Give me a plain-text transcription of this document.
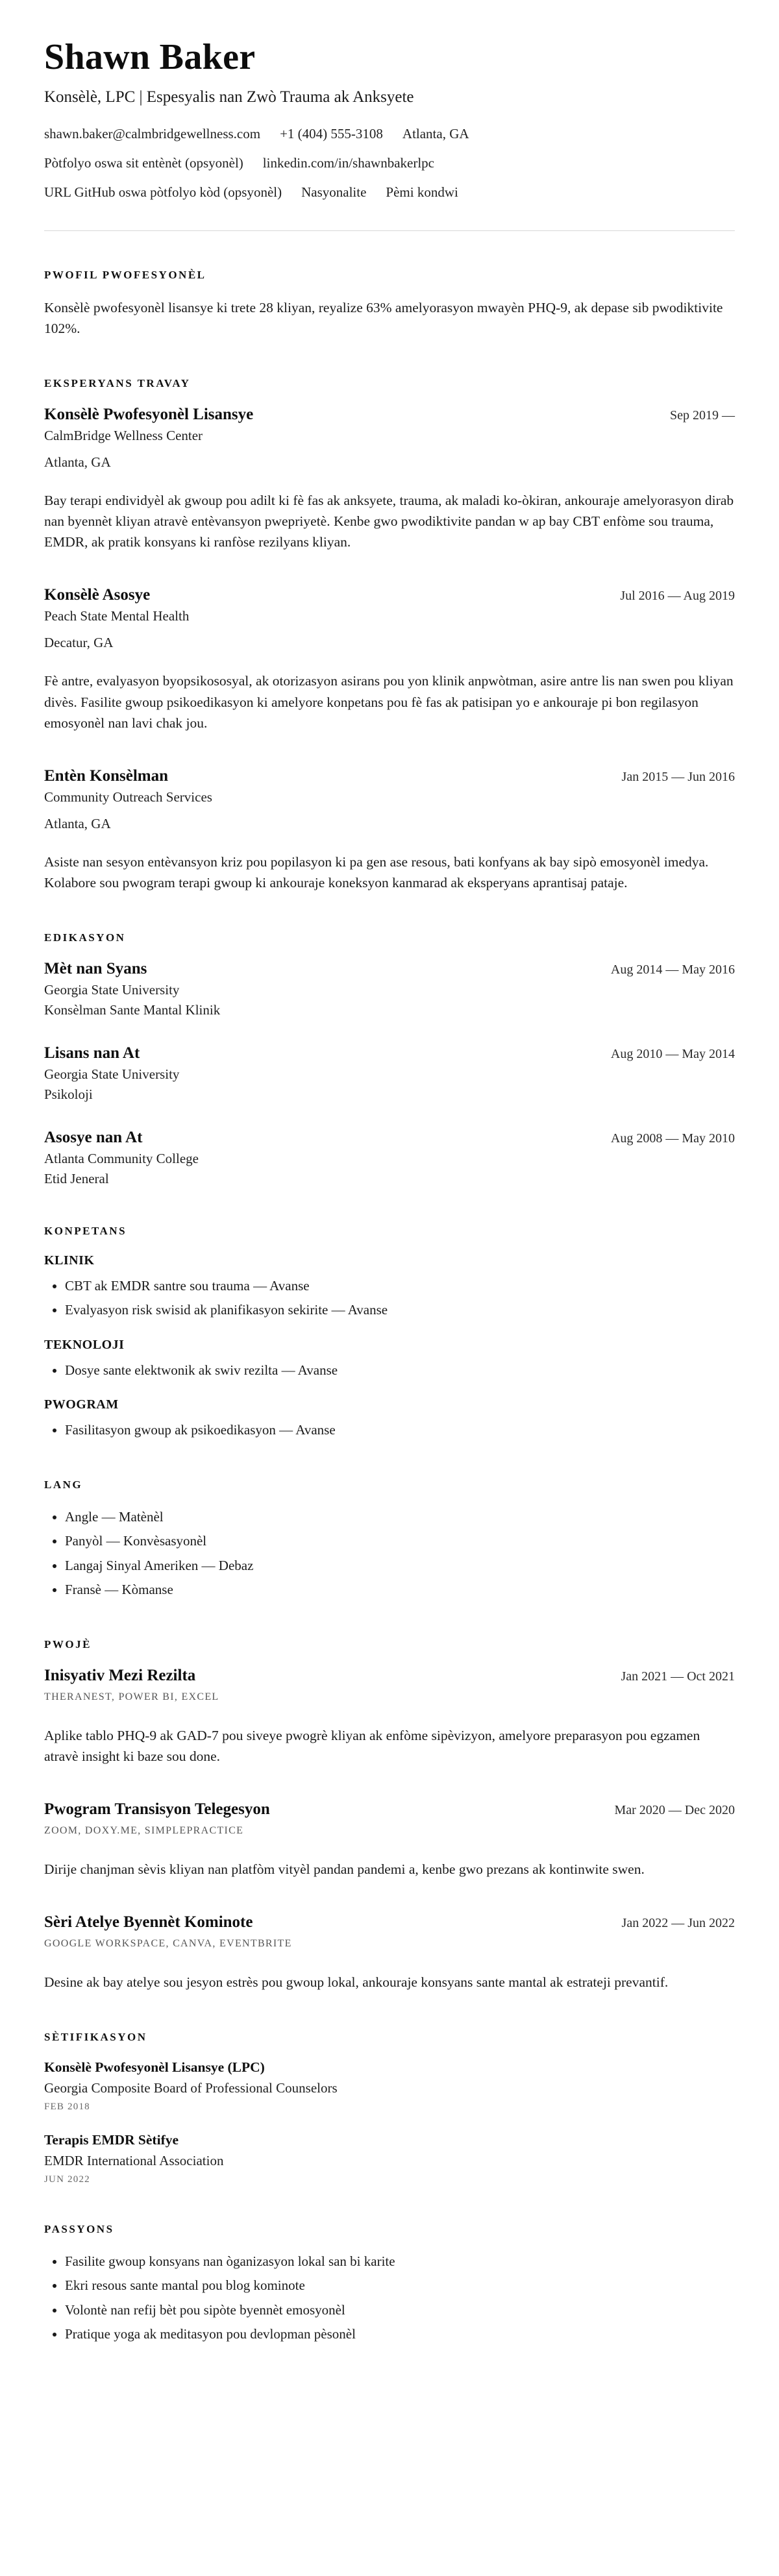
Shawn Baker
Konsèlè, LPC | Espesyalis nan Zwò Trauma ak Anksyete
shawn.baker@calmbridgewellness.com +1 (404) 555-3108 Atlanta, GA
Pòtfolyo oswa sit entènèt (opsyonèl) linkedin.com/in/shawnbakerlpc
URL GitHub oswa pòtfolyo kòd (opsyonèl) Nasyonalite Pèmi kondwi
PWOFIL PWOFESYONÈL

Konsèlè pwofesyonèl lisansye ki trete 28 kliyan, reyalize 63% amelyorasyon mwayèn PHQ-9, ak depase sib pwodiktivite 102%.

EKSPERYANS TRAVAY
Konsèlè Pwofesyonèl Lisansye	Sep 2019 —
CalmBridge Wellness Center
Atlanta, GA

Bay terapi endividyèl ak gwoup pou adilt ki fè fas ak anksyete, trauma, ak maladi ko-òkiran, ankouraje amelyorasyon dirab nan byennèt kliyan atravè entèvansyon pwepriyetè. Kenbe gwo pwodiktivite pandan w ap bay CBT enfòme sou trauma, EMDR, ak pratik konsyans ki ranfòse rezilyans kliyan.

Konsèlè Asosye	Jul 2016 — Aug 2019
Peach State Mental Health
Decatur, GA

Fè antre, evalyasyon byopsikososyal, ak otorizasyon asirans pou yon klinik anpwòtman, asire antre lis nan swen pou kliyan divès. Fasilite gwoup psikoedikasyon ki amelyore konpetans pou fè fas ak patisipan yo e ankouraje pi bon regilasyon emosyonèl nan lavi chak jou.

Entèn Konsèlman	Jan 2015 — Jun 2016
Community Outreach Services
Atlanta, GA

Asiste nan sesyon entèvansyon kriz pou popilasyon ki pa gen ase resous, bati konfyans ak bay sipò emosyonèl imedya. Kolabore sou pwogram terapi gwoup ki ankouraje koneksyon kanmarad ak eksperyans aprantisaj pataje.

EDIKASYON
Mèt nan Syans	Aug 2014 — May 2016
Georgia State University
Konsèlman Sante Mantal Klinik
Lisans nan At	Aug 2010 — May 2014
Georgia State University
Psikoloji
Asosye nan At	Aug 2008 — May 2010
Atlanta Community College
Etid Jeneral
KONPETANS
KLINIK
• CBT ak EMDR santre sou trauma — Avanse
• Evalyasyon risk swisid ak planifikasyon sekirite — Avanse
TEKNOLOJI
• Dosye sante elektwonik ak swiv rezilta — Avanse
PWOGRAM
• Fasilitasyon gwoup ak psikoedikasyon — Avanse
LANG
• Angle — Matènèl
• Panyòl — Konvèsasyonèl
• Langaj Sinyal Ameriken — Debaz
• Fransè — Kòmanse
PWOJÈ
Inisyativ Mezi Rezilta	Jan 2021 — Oct 2021
THERANEST, POWER BI, EXCEL

Aplike tablo PHQ-9 ak GAD-7 pou siveye pwogrè kliyan ak enfòme sipèvizyon, amelyore preparasyon pou egzamen atravè insight ki baze sou done.

Pwogram Transisyon Telegesyon	Mar 2020 — Dec 2020
ZOOM, DOXY.ME, SIMPLEPRACTICE

Dirije chanjman sèvis kliyan nan platfòm vityèl pandan pandemi a, kenbe gwo prezans ak kontinwite swen.

Sèri Atelye Byennèt Kominote	Jan 2022 — Jun 2022
GOOGLE WORKSPACE, CANVA, EVENTBRITE

Desine ak bay atelye sou jesyon estrès pou gwoup lokal, ankouraje konsyans sante mantal ak estrateji prevantif.

SÈTIFIKASYON
Konsèlè Pwofesyonèl Lisansye (LPC)
Georgia Composite Board of Professional Counselors
FEB 2018
Terapis EMDR Sètifye
EMDR International Association
JUN 2022
PASSYONS
• Fasilite gwoup konsyans nan òganizasyon lokal san bi karite
• Ekri resous sante mantal pou blog kominote
• Volontè nan refij bèt pou sipòte byennèt emosyonèl
• Pratique yoga ak meditasyon pou devlopman pèsonèl
